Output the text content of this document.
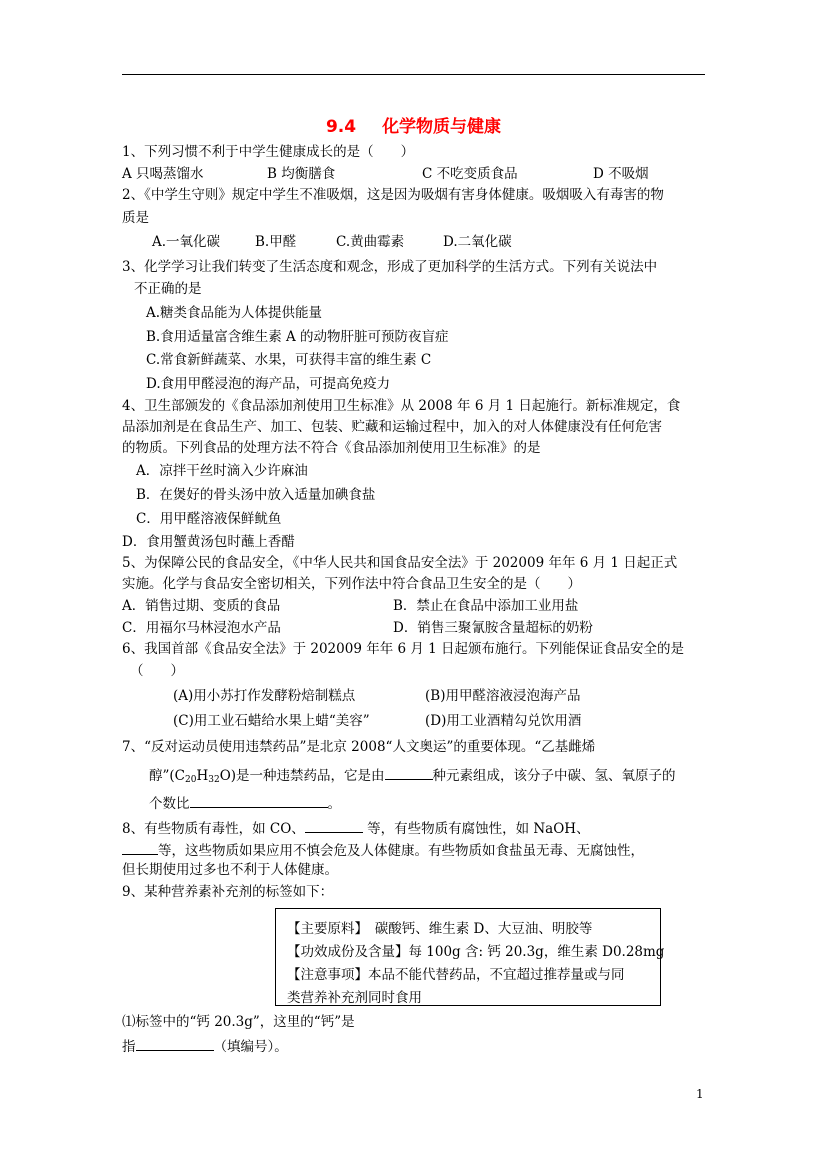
9.4 化学物质与健康
1、下列习惯不利于中学生健康成长的是（　　）
A 只喝蒸馏水	B 均衡膳食	C 不吃变质食品	D 不吸烟
2、《中学生守则》规定中学生不准吸烟，这是因为吸烟有害身体健康。吸烟吸入有毒害的物
质是
A.一氧化碳	B.甲醛	C.黄曲霉素	D.二氧化碳
3、化学学习让我们转变了生活态度和观念，形成了更加科学的生活方式。下列有关说法中
不正确的是
A.糖类食品能为人体提供能量
B.食用适量富含维生素 A 的动物肝脏可预防夜盲症
C.常食新鲜蔬菜、水果，可获得丰富的维生素 C
D.食用甲醛浸泡的海产品，可提高免疫力
4、卫生部颁发的《食品添加剂使用卫生标准》从 2008 年 6 月 1 日起施行。新标准规定，食
品添加剂是在食品生产、加工、包装、贮藏和运输过程中，加入的对人体健康没有任何危害
的物质。下列食品的处理方法不符合《食品添加剂使用卫生标准》的是
A．凉拌干丝时滴入少许麻油
B．在煲好的骨头汤中放入适量加碘食盐
C．用甲醛溶液保鲜鱿鱼
D．食用蟹黄汤包时蘸上香醋
5、为保障公民的食品安全，《中华人民共和国食品安全法》于 202009 年年 6 月 1 日起正式
实施。化学与食品安全密切相关，下列作法中符合食品卫生安全的是（　　）
A．销售过期、变质的食品	B．禁止在食品中添加工业用盐
C．用福尔马林浸泡水产品	D．销售三聚氰胺含量超标的奶粉
6、我国首部《食品安全法》于 202009 年年 6 月 1 日起颁布施行。下列能保证食品安全的是
（　　）
(A)用小苏打作发酵粉焙制糕点	(B)用甲醛溶液浸泡海产品
(C)用工业石蜡给水果上蜡“美容”	(D)用工业酒精勾兑饮用酒
7、“反对运动员使用违禁药品”是北京 2008“人文奥运”的重要体现。“乙基雌烯
醇$”(C_{20}H_{32}O)$是一种违禁药品，它是由	种元素组成，该分子中碳、氢、氧原子的
个数比	。
8、有些物质有毒性，如 CO、	等，有些物质有腐蚀性，如 NaOH、
等，这些物质如果应用不慎会危及人体健康。有些物质如食盐虽无毒、无腐蚀性，
但长期使用过多也不利于人体健康。
9、某种营养素补充剂的标签如下：
【主要原料】　碳酸钙、维生素 D、大豆油、明胶等
【功效成份及含量】每 100g 含: 钙 20.3g，维生素 D0.28mg
【注意事项】本品不能代替药品，不宜超过推荐量或与同
类营养补充剂同时食用
⑴标签中的“钙 20.3g”，这里的“钙”是
指	（填编号）。
1
